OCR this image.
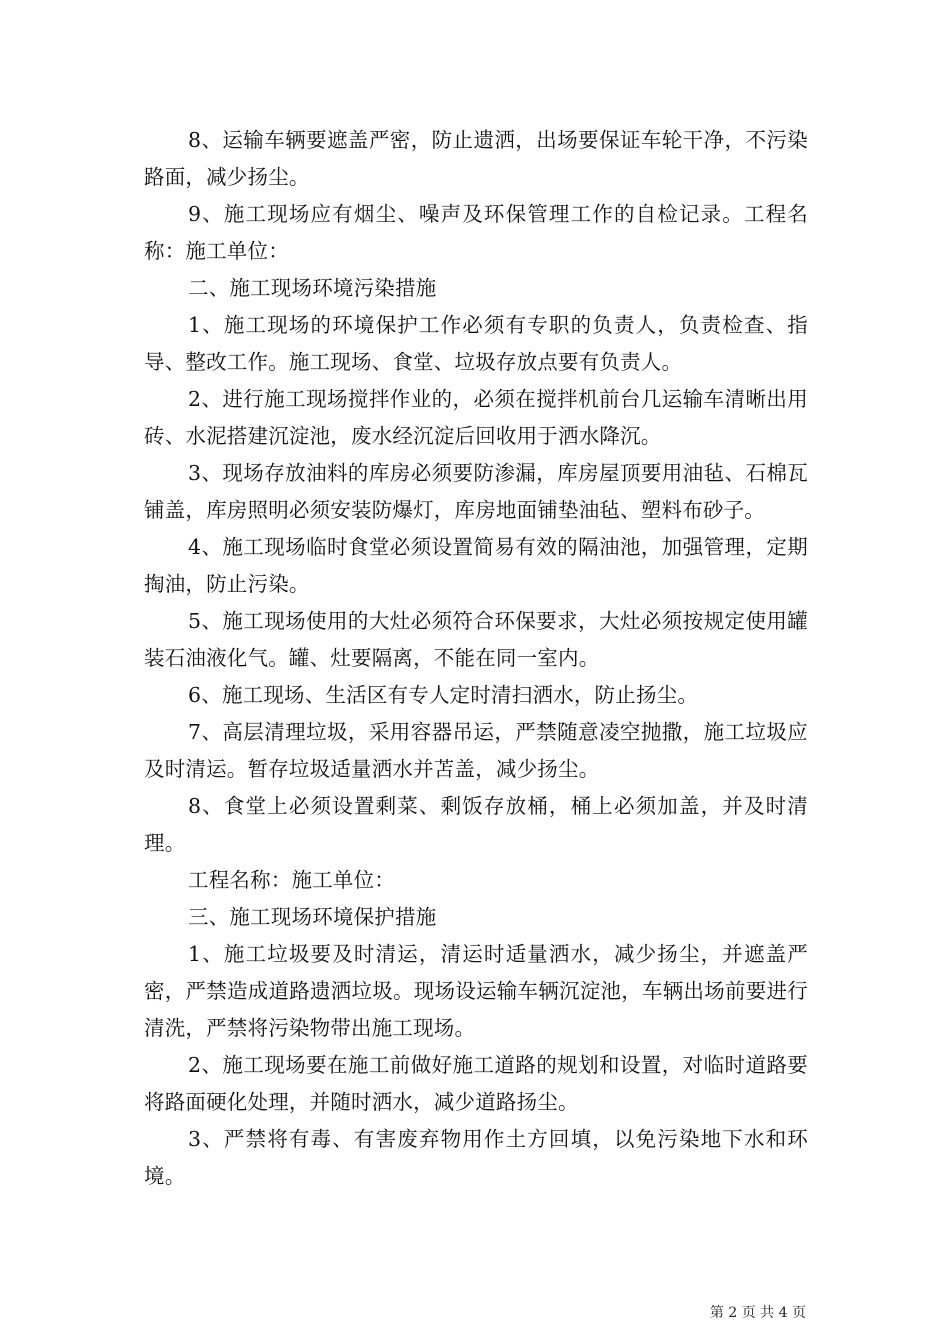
8、运输车辆要遮盖严密，防止遗洒，出场要保证车轮干净，不污染路面，减少扬尘。

9、施工现场应有烟尘、噪声及环保管理工作的自检记录。工程名称：施工单位：

二、施工现场环境污染措施

1、施工现场的环境保护工作必须有专职的负责人，负责检查、指导、整改工作。施工现场、食堂、垃圾存放点要有负责人。

2、进行施工现场搅拌作业的，必须在搅拌机前台几运输车清晰出用砖、水泥搭建沉淀池，废水经沉淀后回收用于洒水降沉。

3、现场存放油料的库房必须要防渗漏，库房屋顶要用油毡、石棉瓦铺盖，库房照明必须安装防爆灯，库房地面铺垫油毡、塑料布砂子。

4、施工现场临时食堂必须设置简易有效的隔油池，加强管理，定期掏油，防止污染。

5、施工现场使用的大灶必须符合环保要求，大灶必须按规定使用罐装石油液化气。罐、灶要隔离，不能在同一室内。

6、施工现场、生活区有专人定时清扫洒水，防止扬尘。

7、高层清理垃圾，采用容器吊运，严禁随意凌空抛撒，施工垃圾应及时清运。暂存垃圾适量洒水并苫盖，减少扬尘。

8、食堂上必须设置剩菜、剩饭存放桶，桶上必须加盖，并及时清理。

工程名称：施工单位：

三、施工现场环境保护措施

1、施工垃圾要及时清运，清运时适量洒水，减少扬尘，并遮盖严密，严禁造成道路遗洒垃圾。现场设运输车辆沉淀池，车辆出场前要进行清洗，严禁将污染物带出施工现场。

2、施工现场要在施工前做好施工道路的规划和设置，对临时道路要将路面硬化处理，并随时洒水，减少道路扬尘。

3、严禁将有毒、有害废弃物用作土方回填，以免污染地下水和环境。

第 2 页 共 4 页
